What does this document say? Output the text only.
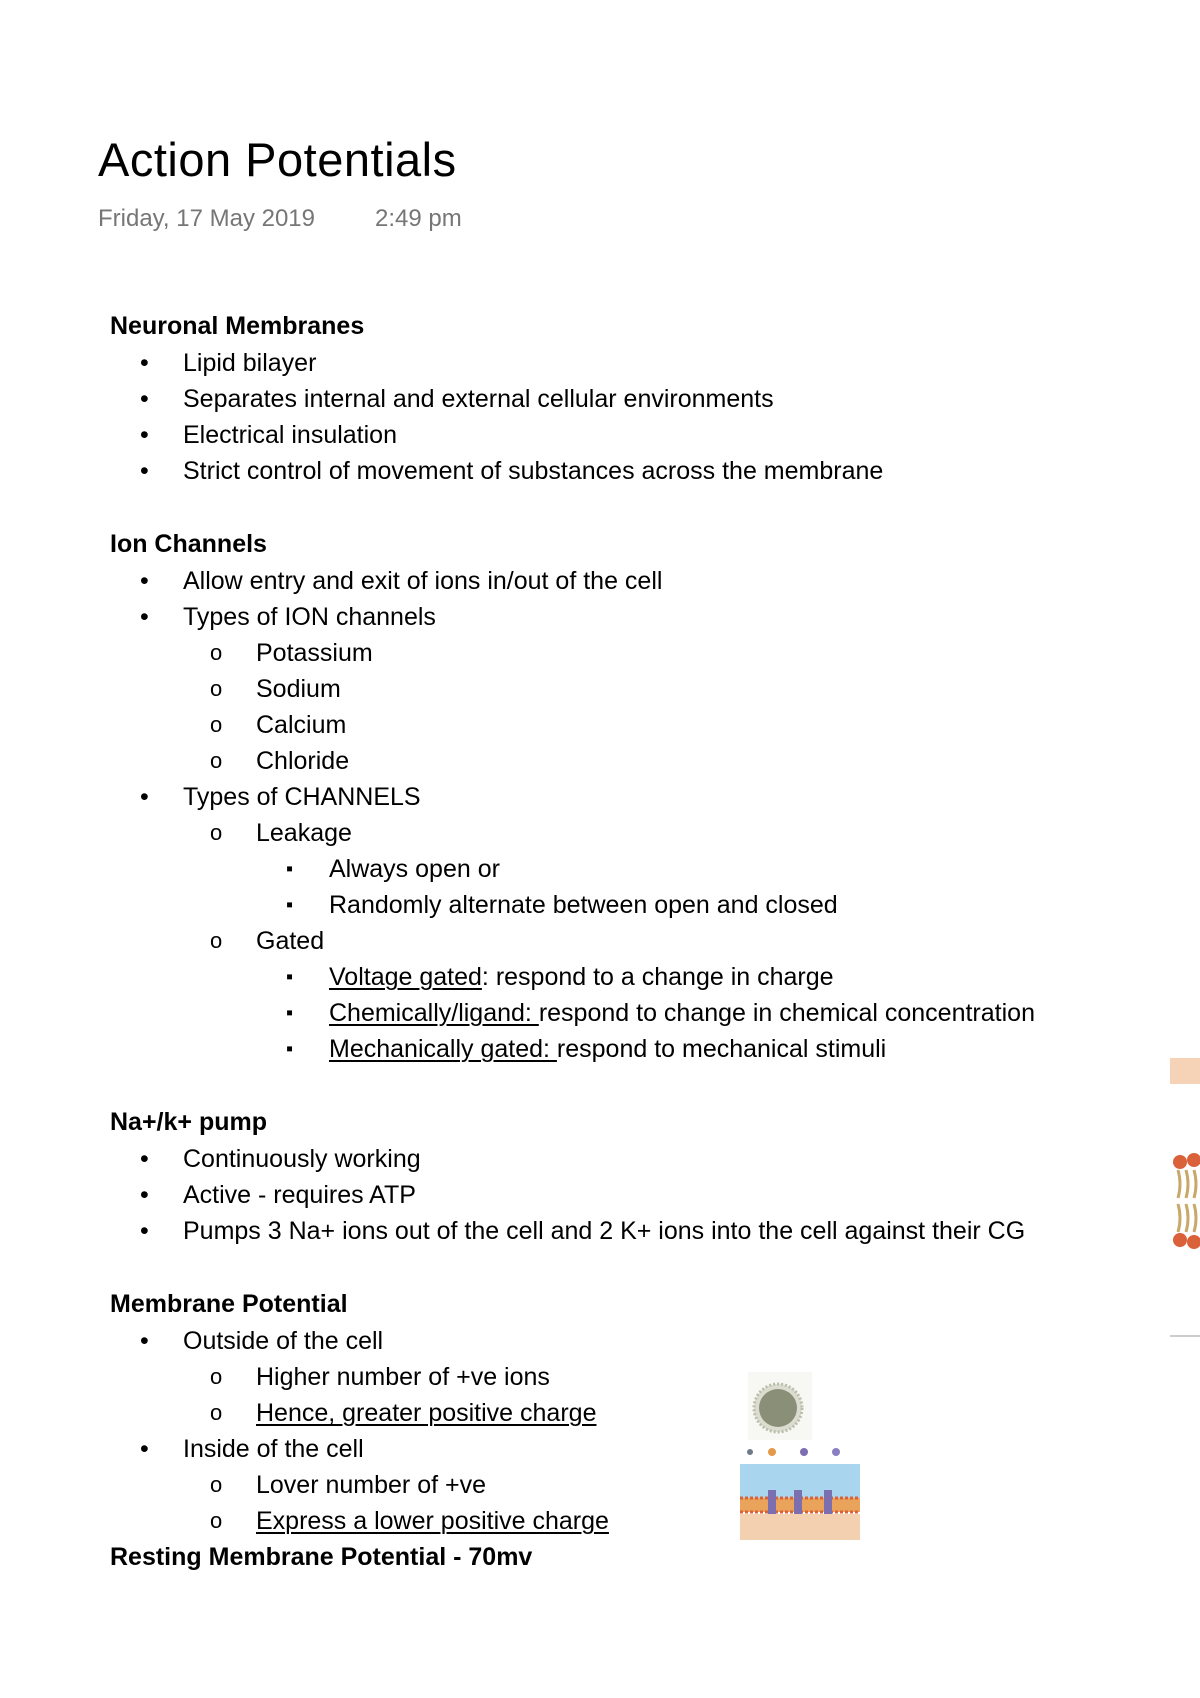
Action Potentials
Friday, 17 May 2019	2:49 pm
Neuronal Membranes
• Lipid bilayer
• Separates internal and external cellular environments
• Electrical insulation
• Strict control of movement of substances across the membrane
Ion Channels
• Allow entry and exit of ions in/out of the cell
• Types of ION channels
o Potassium
o Sodium
o Calcium
o Chloride
• Types of CHANNELS
o Leakage
▪ Always open or
▪ Randomly alternate between open and closed
o Gated
▪ Voltage gated: respond to a change in charge
▪ Chemically/ligand: respond to change in chemical concentration
▪ Mechanically gated: respond to mechanical stimuli
Na+/k+ pump
• Continuously working
• Active - requires ATP
• Pumps 3 Na+ ions out of the cell and 2 K+ ions into the cell against their CG
Membrane Potential
• Outside of the cell
o Higher number of +ve ions
o Hence, greater positive charge
• Inside of the cell
o Lover number of +ve
o Express a lower positive charge
Resting Membrane Potential - 70mv
